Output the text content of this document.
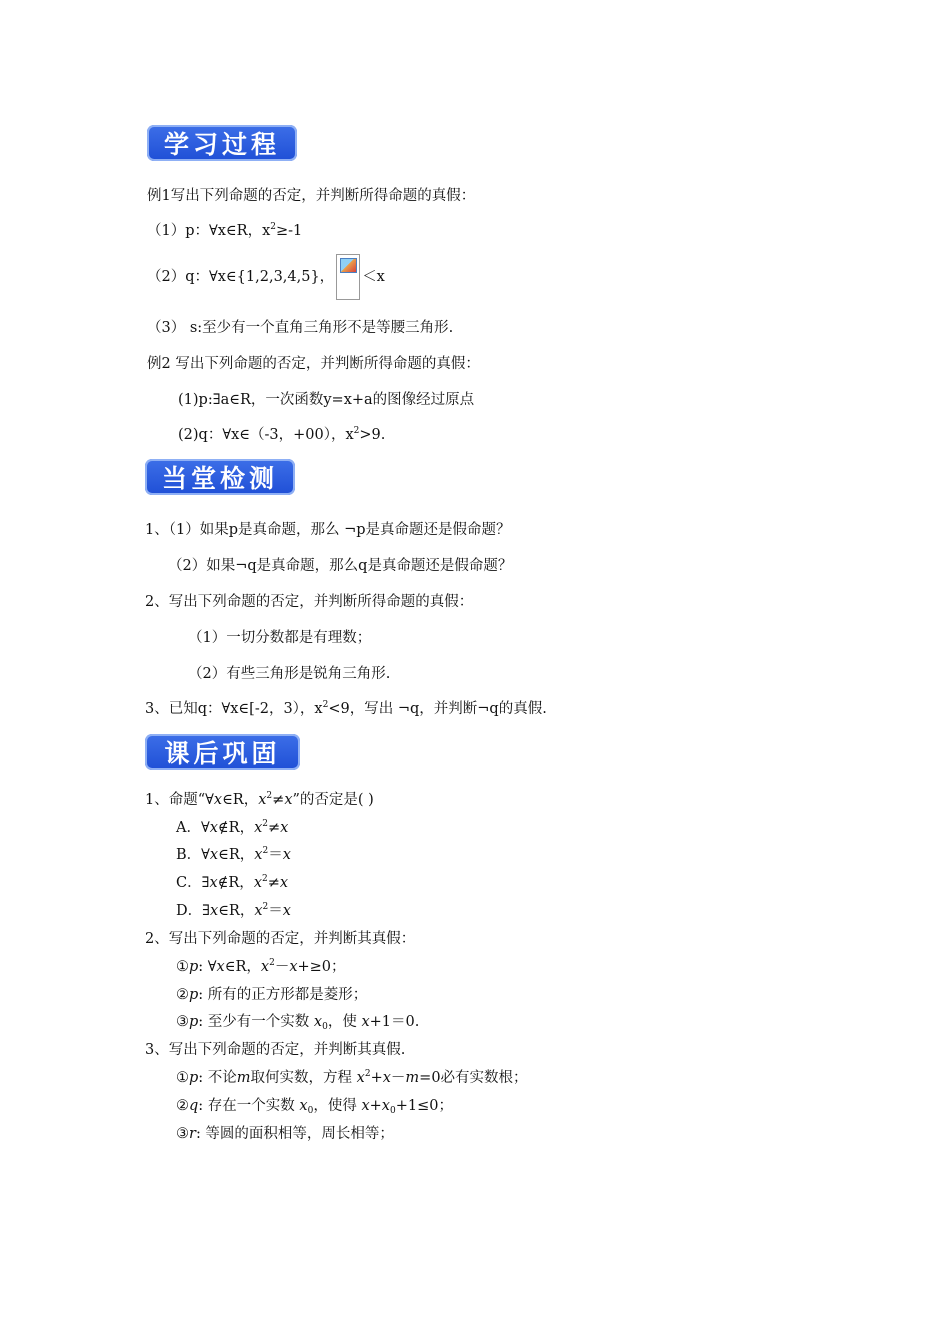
学习过程
例1写出下列命题的否定，并判断所得命题的真假：
（1）p：∀x∈R，$x^2\ge-1$
（2）q：∀x∈{1,2,3,4,5}， ＜x
（3） s:至少有一个直角三角形不是等腰三角形.
例2 写出下列命题的否定，并判断所得命题的真假：
(1)p:∃a∈R，一次函数y=x+a的图像经过原点
(2)q：∀x∈（-3，+00），$x^2>9$.
当堂检测
1、（1）如果p是真命题，那么 ¬p是真命题还是假命题？
（2）如果¬q是真命题，那么q是真命题还是假命题？
2、写出下列命题的否定，并判断所得命题的真假：
（1）一切分数都是有理数；
（2）有些三角形是锐角三角形.
3、已知q：∀x∈[-2，3），$x^2<9$，写出 ¬q，并判断¬q的真假.
课后巩固
1、命题“∀x∈R，$x^2\ne x$”的否定是( )
A．∀x∉R，$x^2\ne x$
B．∀x∈R，$x^2=x$
C．∃x∉R，$x^2\ne x$
D．∃x∈R，$x^2=x$
2、写出下列命题的否定，并判断其真假：
①p: ∀x∈R，$x^2-x+\ge 0$；
②p: 所有的正方形都是菱形；
③p: 至少有一个实数 $x_0$，使 x+1＝0.
3、写出下列命题的否定，并判断其真假.
①p: 不论m取何实数，方程 $x^2+x-m=0$必有实数根；
②q: 存在一个实数 $x_0$，使得 $x+x_0+1\le 0$；
③r: 等圆的面积相等，周长相等；
